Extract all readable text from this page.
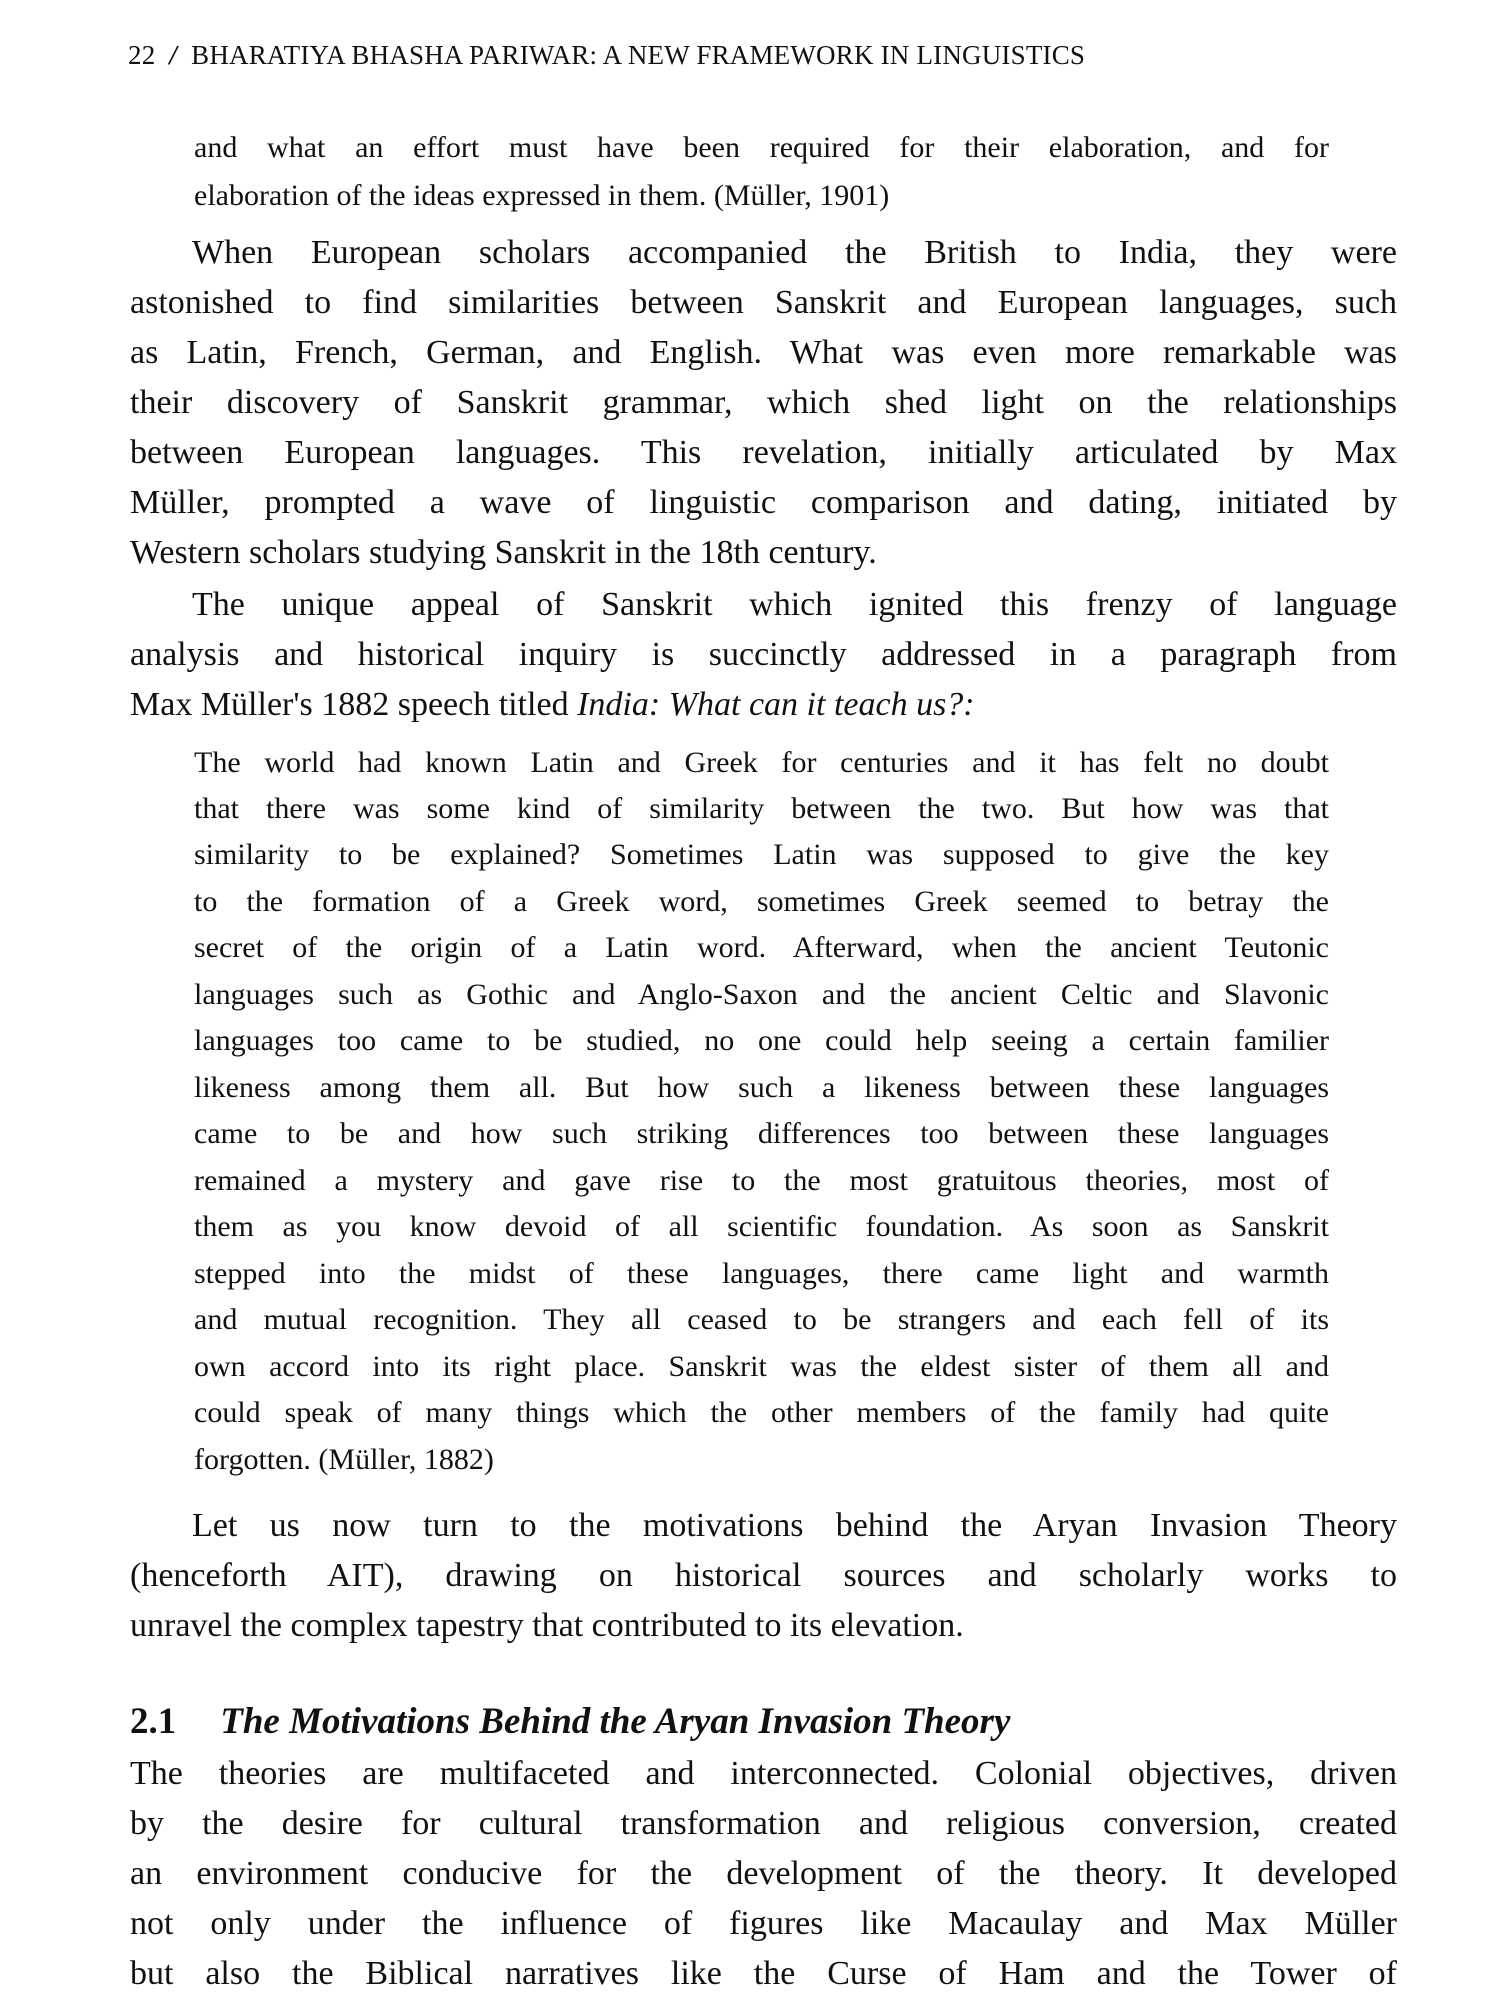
22 / BHARATIYA BHASHA PARIWAR: A NEW FRAMEWORK IN LINGUISTICS
2.1 The Motivations Behind the Aryan Invasion Theory
and what an effort must have been required for their elaboration, and for
elaboration of the ideas expressed in them. (Müller, 1901)
When European scholars accompanied the British to India, they were
astonished to find similarities between Sanskrit and European languages, such
as Latin, French, German, and English. What was even more remarkable was
their discovery of Sanskrit grammar, which shed light on the relationships
between European languages. This revelation, initially articulated by Max
Müller, prompted a wave of linguistic comparison and dating, initiated by
Western scholars studying Sanskrit in the 18th century.
The unique appeal of Sanskrit which ignited this frenzy of language
analysis and historical inquiry is succinctly addressed in a paragraph from
Max Müller's 1882 speech titled India: What can it teach us?:
The world had known Latin and Greek for centuries and it has felt no doubt
that there was some kind of similarity between the two. But how was that
similarity to be explained? Sometimes Latin was supposed to give the key
to the formation of a Greek word, sometimes Greek seemed to betray the
secret of the origin of a Latin word. Afterward, when the ancient Teutonic
languages such as Gothic and Anglo-Saxon and the ancient Celtic and Slavonic
languages too came to be studied, no one could help seeing a certain familier
likeness among them all. But how such a likeness between these languages
came to be and how such striking differences too between these languages
remained a mystery and gave rise to the most gratuitous theories, most of
them as you know devoid of all scientific foundation. As soon as Sanskrit
stepped into the midst of these languages, there came light and warmth
and mutual recognition. They all ceased to be strangers and each fell of its
own accord into its right place. Sanskrit was the eldest sister of them all and
could speak of many things which the other members of the family had quite
forgotten. (Müller, 1882)
Let us now turn to the motivations behind the Aryan Invasion Theory
(henceforth AIT), drawing on historical sources and scholarly works to
unravel the complex tapestry that contributed to its elevation.
The theories are multifaceted and interconnected. Colonial objectives, driven
by the desire for cultural transformation and religious conversion, created
an environment conducive for the development of the theory. It developed
not only under the influence of figures like Macaulay and Max Müller
but also the Biblical narratives like the Curse of Ham and the Tower of
